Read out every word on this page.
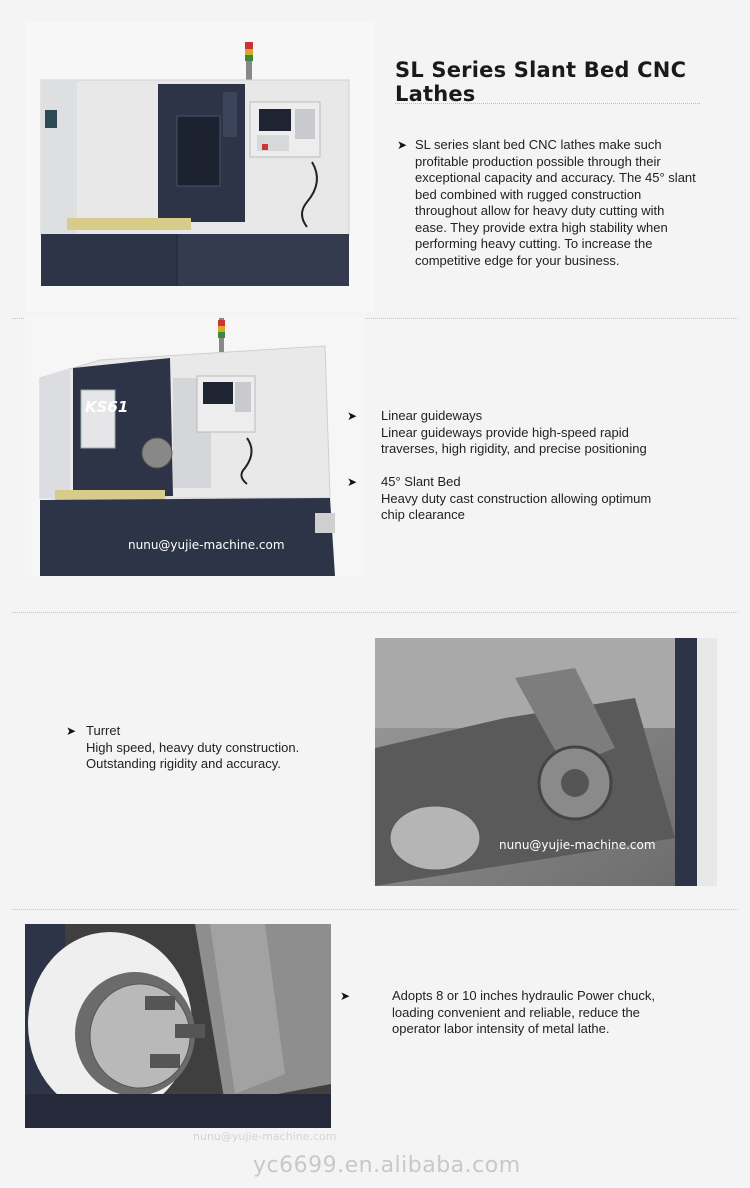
SL Series Slant Bed CNC Lathes
➤ SL series slant bed CNC lathes make such
profitable production possible through their
exceptional capacity and accuracy. The 45° slant
bed combined with rugged construction
throughout allow for heavy duty cutting with
ease. They provide extra high stability when
performing heavy cutting. To increase the
competitive edge for your business.
KS61
nunu@yujie-machine.com
➤ Linear guideways
Linear guideways provide high-speed rapid
traverses, high rigidity, and precise positioning
➤ 45° Slant Bed
Heavy duty cast construction allowing optimum
chip clearance
➤ Turret
High speed, heavy duty construction.
Outstanding rigidity and accuracy.
nunu@yujie-machine.com
nunu@yujie-machine.com
➤	Adopts 8 or 10 inches hydraulic Power chuck,
loading convenient and reliable, reduce the
operator labor intensity of metal lathe.
yc6699.en.alibaba.com
